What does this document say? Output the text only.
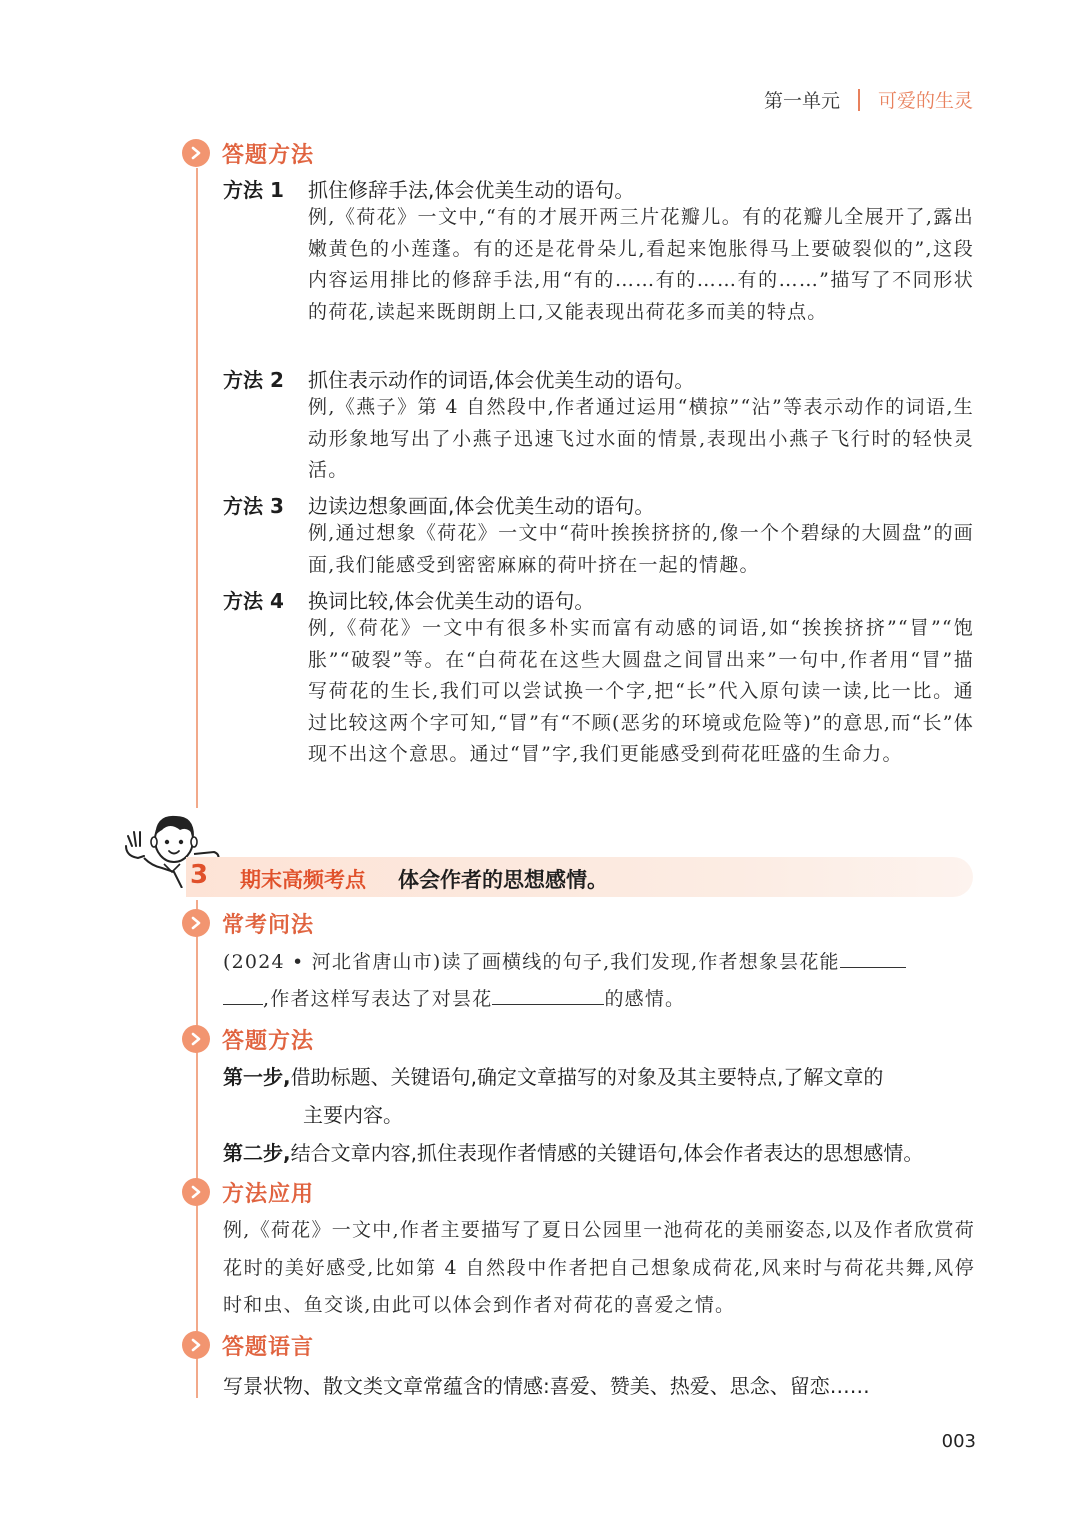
第一单元 可爱的生灵
答题方法
方法 1 抓住修辞手法,体会优美生动的语句。

例,《荷花》一文中,“有的才展开两三片花瓣儿。有的花瓣儿全展开了,露出嫩黄色的小莲蓬。有的还是花骨朵儿,看起来饱胀得马上要破裂似的”,这段内容运用排比的修辞手法,用“有的……有的……有的……”描写了不同形状的荷花,读起来既朗朗上口,又能表现出荷花多而美的特点。

方法 2 抓住表示动作的词语,体会优美生动的语句。

例,《燕子》第 4 自然段中,作者通过运用“横掠”“沾”等表示动作的词语,生动形象地写出了小燕子迅速飞过水面的情景,表现出小燕子飞行时的轻快灵活。

方法 3 边读边想象画面,体会优美生动的语句。

例,通过想象《荷花》一文中“荷叶挨挨挤挤的,像一个个碧绿的大圆盘”的画面,我们能感受到密密麻麻的荷叶挤在一起的情趣。

方法 4 换词比较,体会优美生动的语句。

例,《荷花》一文中有很多朴实而富有动感的词语,如“挨挨挤挤”“冒”“饱胀”“破裂”等。在“白荷花在这些大圆盘之间冒出来”一句中,作者用“冒”描写荷花的生长,我们可以尝试换一个字,把“长”代入原句读一读,比一比。通过比较这两个字可知,“冒”有“不顾(恶劣的环境或危险等)”的意思,而“长”体现不出这个意思。通过“冒”字,我们更能感受到荷花旺盛的生命力。

3 期末高频考点 体会作者的思想感情。
常考问法

(2024 • 河北省唐山市)读了画横线的句子,我们发现,作者想象昙花能
,作者这样写表达了对昙花	的感情。

答题方法

第一步,借助标题、关键语句,确定文章描写的对象及其主要特点,了解文章的

主要内容。

第二步,结合文章内容,抓住表现作者情感的关键语句,体会作者表达的思想感情。

方法应用

例,《荷花》一文中,作者主要描写了夏日公园里一池荷花的美丽姿态,以及作者欣赏荷花时的美好感受,比如第 4 自然段中作者把自己想象成荷花,风来时与荷花共舞,风停时和虫、鱼交谈,由此可以体会到作者对荷花的喜爱之情。

答题语言
写景状物、散文类文章常蕴含的情感:喜爱、赞美、热爱、思念、留恋……
003
